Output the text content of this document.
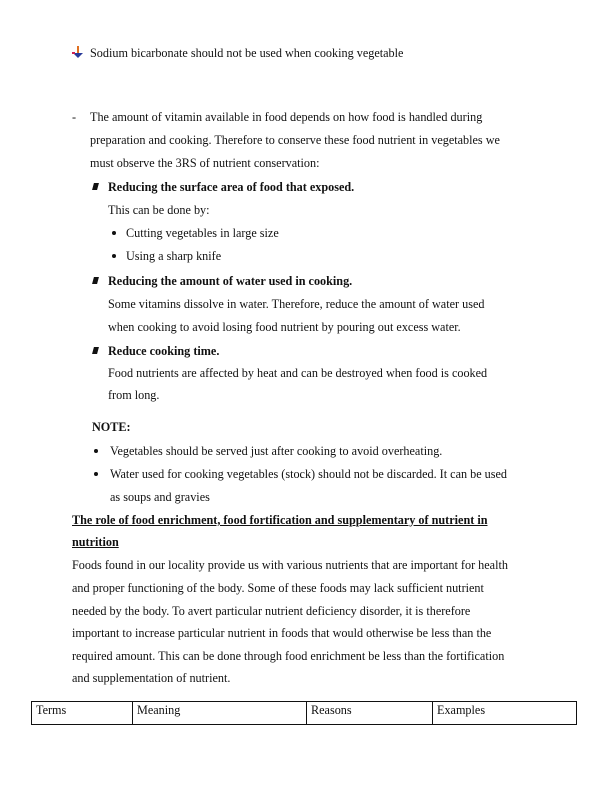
Sodium bicarbonate should not be used when cooking vegetable
- The amount of vitamin available in food depends on how food is handled during
preparation and cooking. Therefore to conserve these food nutrient in vegetables we
must observe the 3RS of nutrient conservation:
Reducing the surface area of food that exposed.
This can be done by:
Cutting vegetables in large size
Using a sharp knife
Reducing the amount of water used in cooking.
Some vitamins dissolve in water. Therefore, reduce the amount of water used
when cooking to avoid losing food nutrient by pouring out excess water.
Reduce cooking time.
Food nutrients are affected by heat and can be destroyed when food is cooked
from long.
NOTE:
Vegetables should be served just after cooking to avoid overheating.
Water used for cooking vegetables (stock) should not be discarded. It can be used
as soups and gravies
The role of food enrichment, food fortification and supplementary of nutrient in
nutrition
Foods found in our locality provide us with various nutrients that are important for health
and proper functioning of the body. Some of these foods may lack sufficient nutrient
needed by the body. To avert particular nutrient deficiency disorder, it is therefore
important to increase particular nutrient in foods that would otherwise be less than the
required amount. This can be done through food enrichment be less than the fortification
and supplementation of nutrient.
Terms	Meaning	Reasons	Examples
